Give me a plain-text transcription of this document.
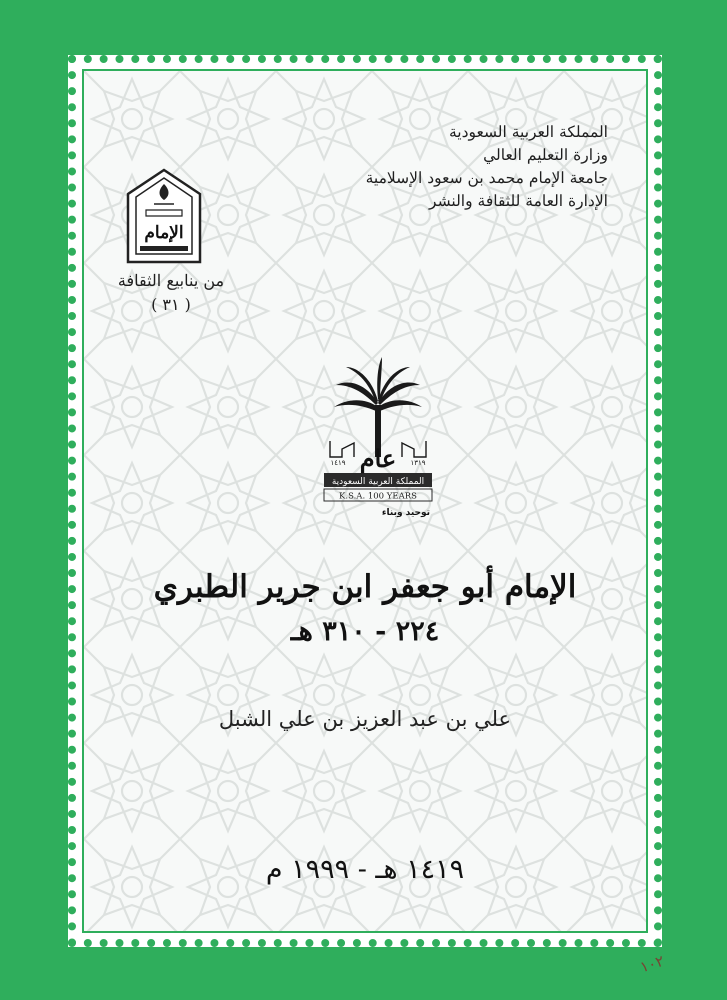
المملكة العربية السعودية
وزارة التعليم العالي
جامعة الإمام محمد بن سعود الإسلامية
الإدارة العامة للثقافة والنشر
الإمام
من ينابيع الثقافة
( ٣١ )
المملكة العربية السعودية
K.S.A. 100 YEARS
توحيد وبناء
عام
١٤١٩	١٣١٩
الإمام أبو جعفر ابن جرير الطبري
٢٢٤ - ٣١٠ هـ
علي بن عبد العزيز بن علي الشبل
١٤١٩ هـ - ١٩٩٩ م
١٠٢
